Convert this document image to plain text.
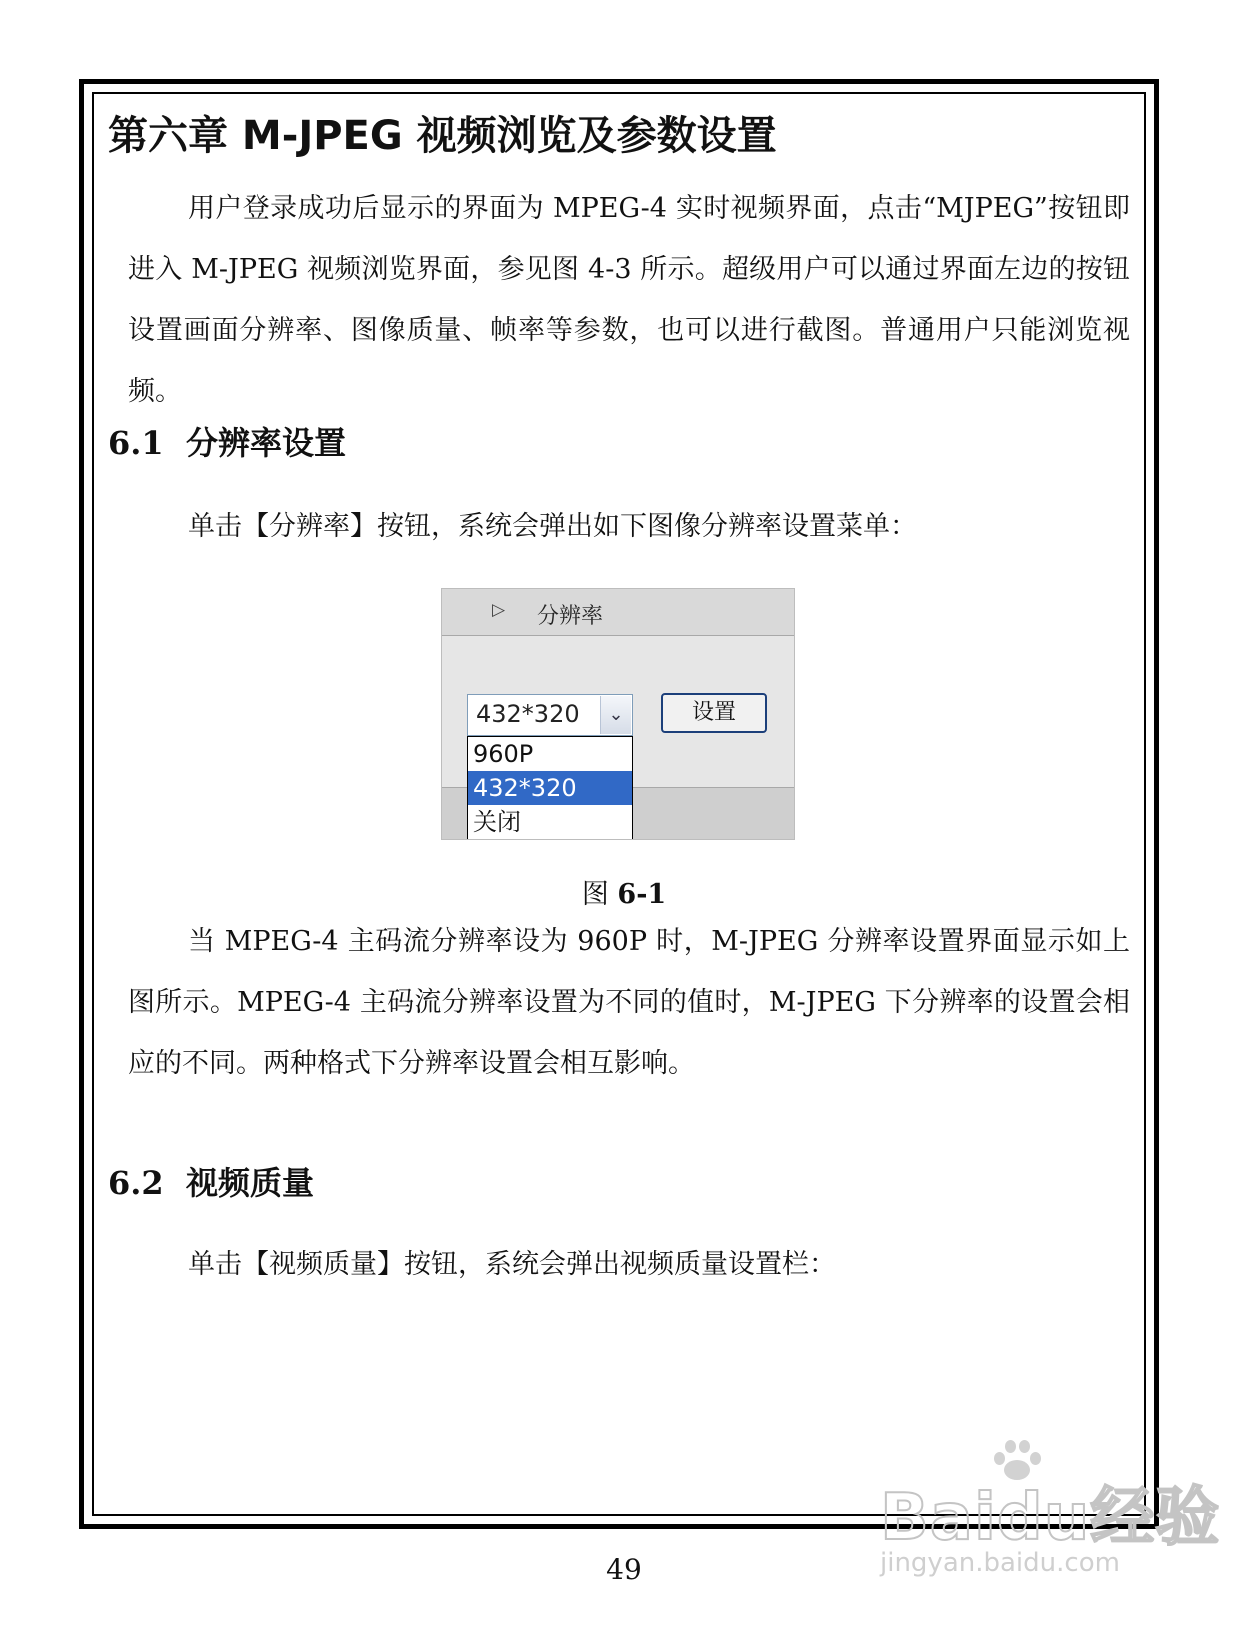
第六章 M-JPEG 视频浏览及参数设置

用户登录成功后显示的界面为 MPEG-4 实时视频界面，点击“MJPEG”按钮即进入 M-JPEG 视频浏览界面，参见图 4-3 所示。超级用户可以通过界面左边的按钮设置画面分辨率、图像质量、帧率等参数，也可以进行截图。普通用户只能浏览视频。

6.1 分辨率设置

单击【分辨率】按钮，系统会弹出如下图像分辨率设置菜单：

▷ 分辨率
432*320	⌄
960P
432*320
关闭
设置

图 6-1

当 MPEG-4 主码流分辨率设为 960P 时，M-JPEG 分辨率设置界面显示如上图所示。MPEG-4 主码流分辨率设置为不同的值时，M-JPEG 下分辨率的设置会相应的不同。两种格式下分辨率设置会相互影响。

6.2 视频质量

单击【视频质量】按钮，系统会弹出视频质量设置栏：

49

Baidu经验
jingyan.baidu.com
